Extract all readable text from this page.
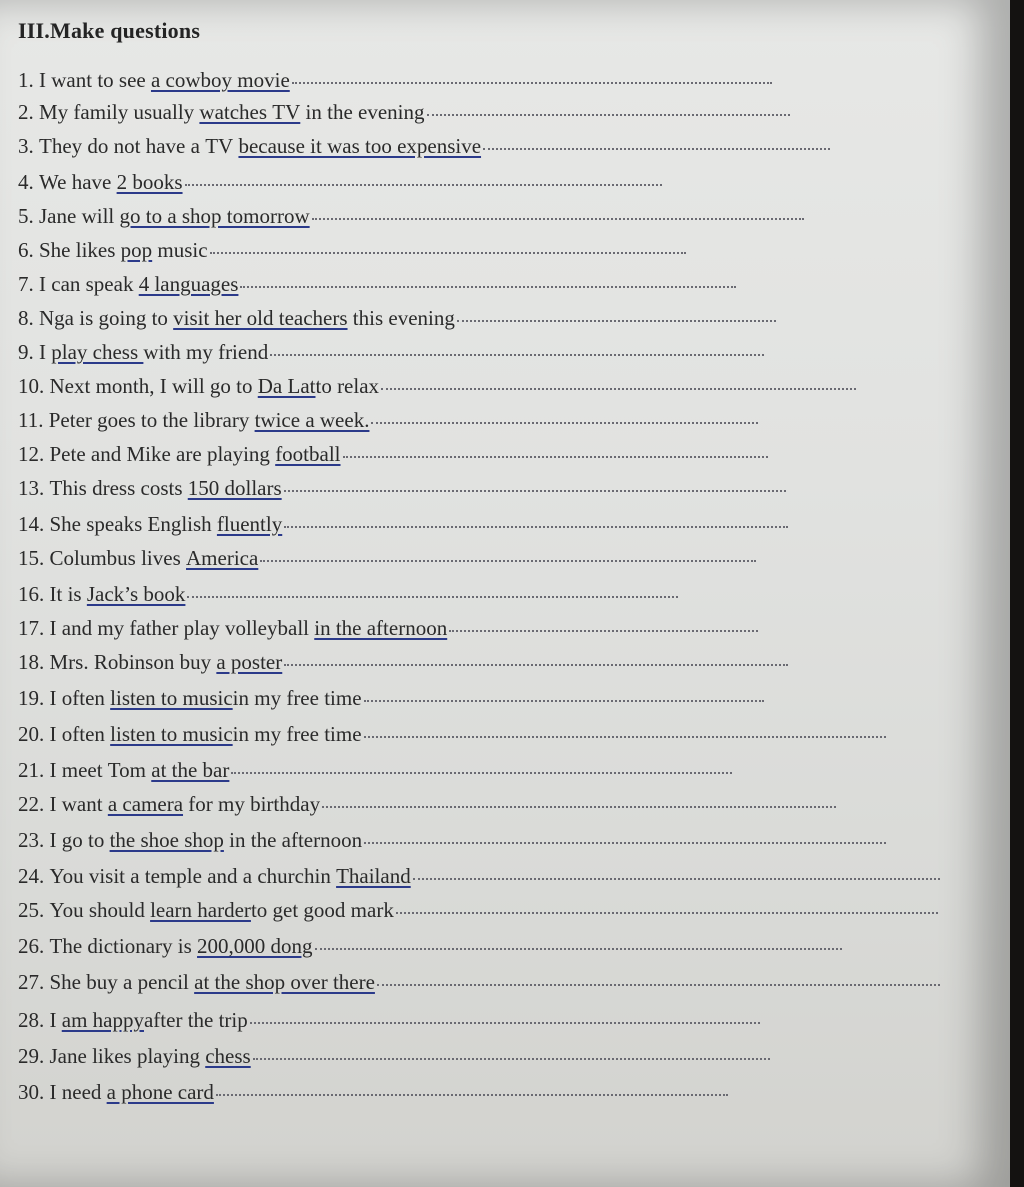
III.Make questions
1. I want to see a cowboy movie
2. My family usually watches TV in the evening
3. They do not have a TV because it was too expensive
4. We have 2 books
5. Jane will go to a shop tomorrow
6. She likes pop music
7. I can speak 4 languages
8. Nga is going to visit her old teachers this evening
9. I play chess with my friend
10. Next month, I will go to Da Lat to relax
11. Peter goes to the library twice a week.
12. Pete and Mike are playing football
13. This dress costs 150 dollars
14. She speaks English fluently
15. Columbus lives America
16. It is Jack’s book
17. I and my father play volleyball in the afternoon
18. Mrs. Robinson buy a poster
19. I often listen to music in my free time
20. I often listen to music in my free time
21. I meet Tom at the bar
22. I want a camera for my birthday
23. I go to the shoe shop in the afternoon
24. You visit a temple and a churchin Thailand
25. You should learn harder to get good mark
26. The dictionary is 200,000 dong
27. She buy a pencil at the shop over there
28. I am happy after the trip
29. Jane likes playing chess
30. I need a phone card
